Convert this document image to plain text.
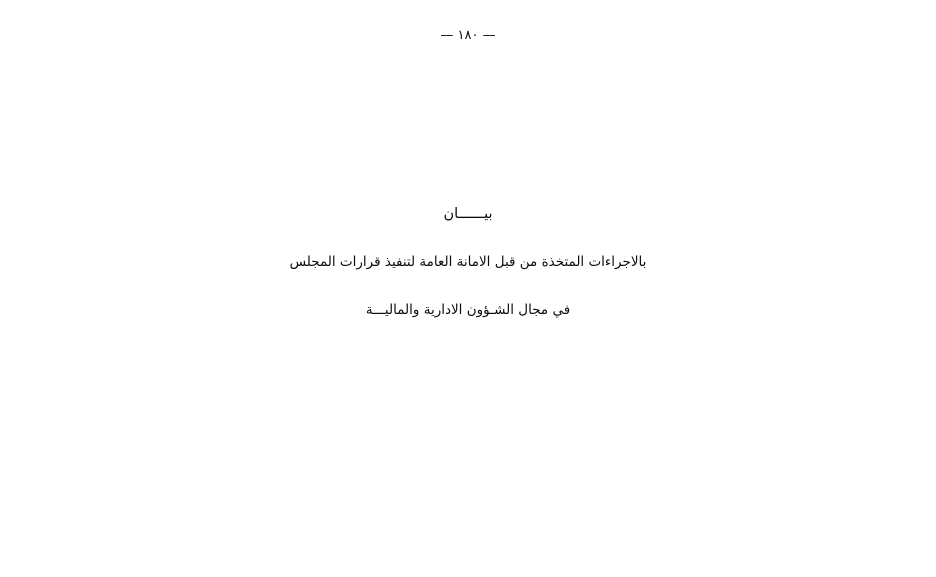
— ١٨٠ —
بيــــــان
بالاجراءات المتخذة من قبل الامانة العامة لتنفيذ قرارات المجلس
في مجال الشـؤون الادارية والماليـــة
